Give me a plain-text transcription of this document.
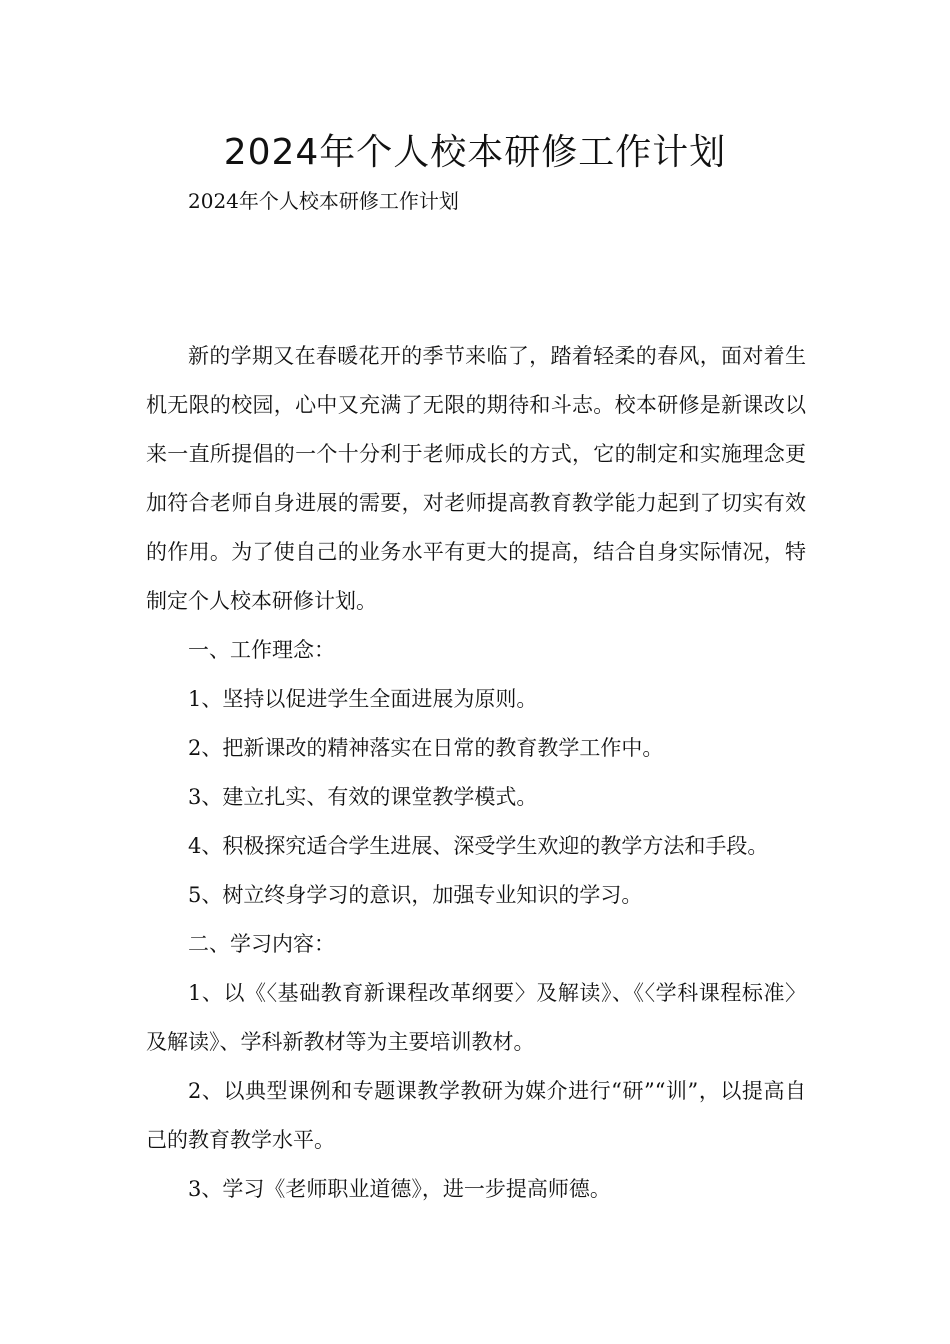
2024年个人校本研修工作计划

2024年个人校本研修工作计划

新的学期又在春暖花开的季节来临了，踏着轻柔的春风，面对着生机无限的校园，心中又充满了无限的期待和斗志。校本研修是新课改以来一直所提倡的一个十分利于老师成长的方式，它的制定和实施理念更加符合老师自身进展的需要，对老师提高教育教学能力起到了切实有效的作用。为了使自己的业务水平有更大的提高，结合自身实际情况，特制定个人校本研修计划。

一、工作理念：

1、坚持以促进学生全面进展为原则。

2、把新课改的精神落实在日常的教育教学工作中。

3、建立扎实、有效的课堂教学模式。

4、积极探究适合学生进展、深受学生欢迎的教学方法和手段。

5、树立终身学习的意识，加强专业知识的学习。

二、学习内容：

1、以《〈基础教育新课程改革纲要〉及解读》、《〈学科课程标准〉及解读》、学科新教材等为主要培训教材。

2、以典型课例和专题课教学教研为媒介进行“研”“训”，以提高自己的教育教学水平。

3、学习《老师职业道德》，进一步提高师德。
